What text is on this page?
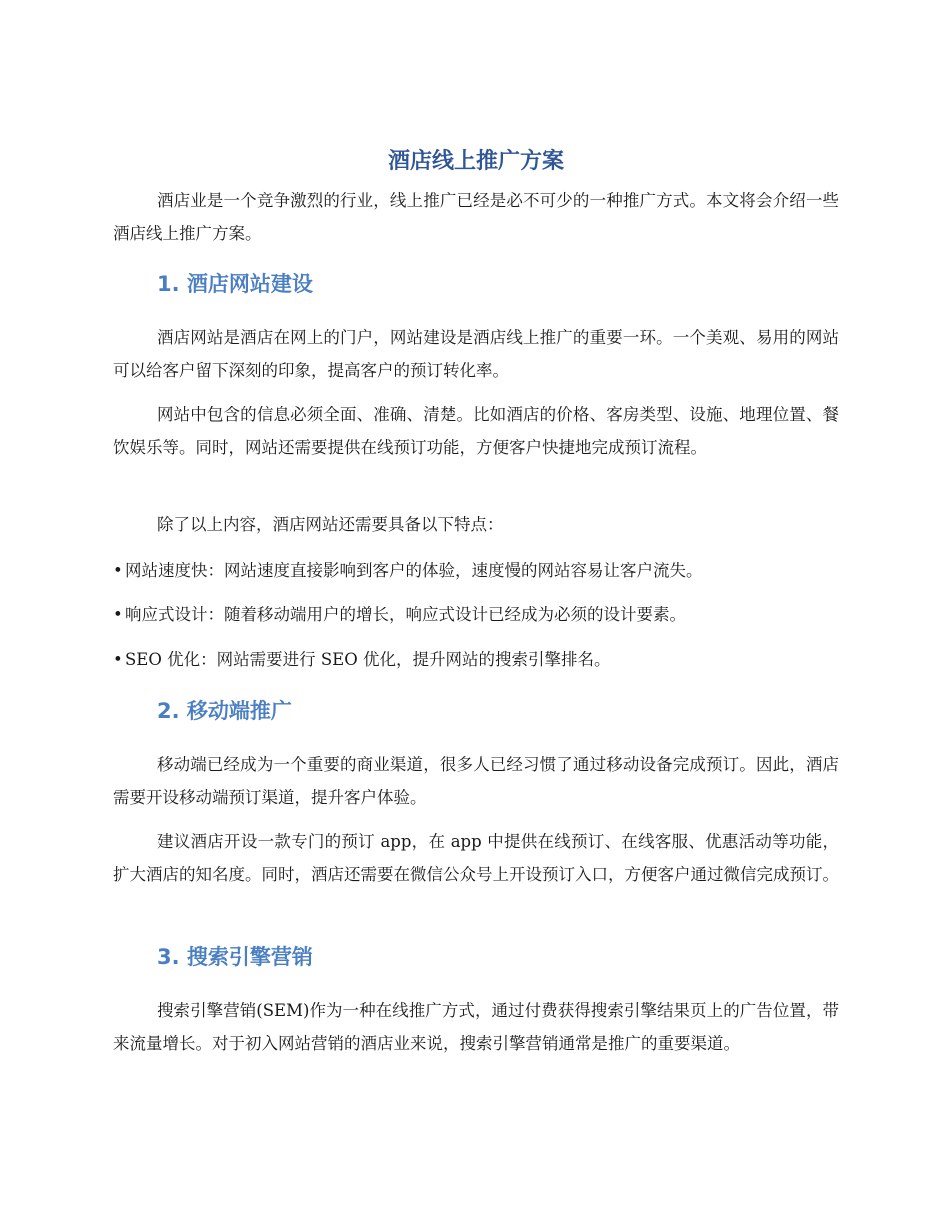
酒店线上推广方案

酒店业是一个竞争激烈的行业，线上推广已经是必不可少的一种推广方式。本文将会介绍一些酒店线上推广方案。

1. 酒店网站建设

酒店网站是酒店在网上的门户，网站建设是酒店线上推广的重要一环。一个美观、易用的网站可以给客户留下深刻的印象，提高客户的预订转化率。

网站中包含的信息必须全面、准确、清楚。比如酒店的价格、客房类型、设施、地理位置、餐饮娱乐等。同时，网站还需要提供在线预订功能，方便客户快捷地完成预订流程。

除了以上内容，酒店网站还需要具备以下特点：

• 网站速度快：网站速度直接影响到客户的体验，速度慢的网站容易让客户流失。
• 响应式设计：随着移动端用户的增长，响应式设计已经成为必须的设计要素。
• SEO 优化：网站需要进行 SEO 优化，提升网站的搜索引擎排名。
2. 移动端推广

移动端已经成为一个重要的商业渠道，很多人已经习惯了通过移动设备完成预订。因此，酒店需要开设移动端预订渠道，提升客户体验。

建议酒店开设一款专门的预订 app，在 app 中提供在线预订、在线客服、优惠活动等功能，扩大酒店的知名度。同时，酒店还需要在微信公众号上开设预订入口，方便客户通过微信完成预订。

3. 搜索引擎营销

搜索引擎营销(SEM)作为一种在线推广方式，通过付费获得搜索引擎结果页上的广告位置，带来流量增长。对于初入网站营销的酒店业来说，搜索引擎营销通常是推广的重要渠道。
